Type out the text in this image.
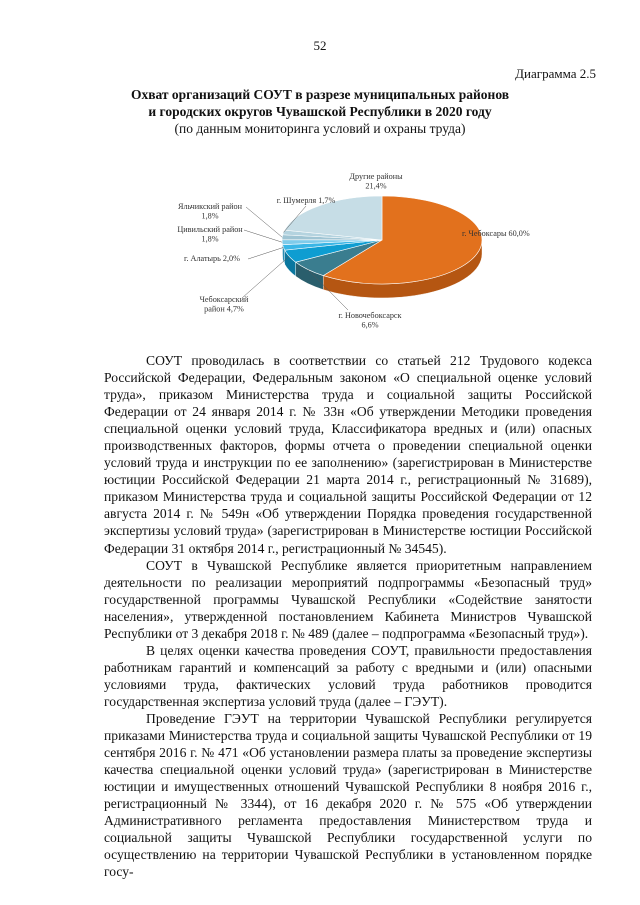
52
Диаграмма 2.5
Охват организаций СОУТ в разрезе муниципальных районов
и городских округов Чувашской Республики в 2020 году
(по данным мониторинга условий и охраны труда)
г. Чебоксары 60,0%
г. Новочебоксарск 6,6%
Чебоксарский район 4,7%
г. Алатырь 2,0%
Цивильский район 1,8%
Яльчикский район 1,8%
г. Шумерля 1,7%
Другие районы 21,4%

СОУТ проводилась в соответствии со статьей 212 Трудового кодекса Российской Федерации, Федеральным законом «О специальной оценке условий труда», приказом Министерства труда и социальной защиты Российской Федерации от 24 января 2014 г. № 33н «Об утверждении Методики проведения специальной оценки условий труда, Классификатора вредных и (или) опасных производственных факторов, формы отчета о проведении специальной оценки условий труда и инструкции по ее заполнению» (зарегистрирован в Министерстве юстиции Российской Федерации 21 марта 2014 г., регистрационный № 31689), приказом Министерства труда и социальной защиты Российской Федерации от 12 августа 2014 г. № 549н «Об утверждении Порядка проведения государственной экспертизы условий труда» (зарегистрирован в Министерстве юстиции Российской Федерации 31 октября 2014 г., регистрационный № 34545).

СОУТ в Чувашской Республике является приоритетным направлением деятельности по реализации мероприятий подпрограммы «Безопасный труд» государственной программы Чувашской Республики «Содействие занятости населения», утвержденной постановлением Кабинета Министров Чувашской Республики от 3 декабря 2018 г. № 489 (далее – подпрограмма «Безопасный труд»).

В целях оценки качества проведения СОУТ, правильности предоставления работникам гарантий и компенсаций за работу с вредными и (или) опасными условиями труда, фактических условий труда работников проводится государственная экспертиза условий труда (далее – ГЭУТ).

Проведение ГЭУТ на территории Чувашской Республики регулируется приказами Министерства труда и социальной защиты Чувашской Республики от 19 сентября 2016 г. № 471 «Об установлении размера платы за проведение экспертизы качества специальной оценки условий труда» (зарегистрирован в Министерстве юстиции и имущественных отношений Чувашской Республики 8 ноября 2016 г., регистрационный № 3344), от 16 декабря 2020 г. № 575 «Об утверждении Административного регламента предоставления Министерством труда и социальной защиты Чувашской Республики государственной услуги по осуществлению на территории Чувашской Республики в установленном порядке госу-
